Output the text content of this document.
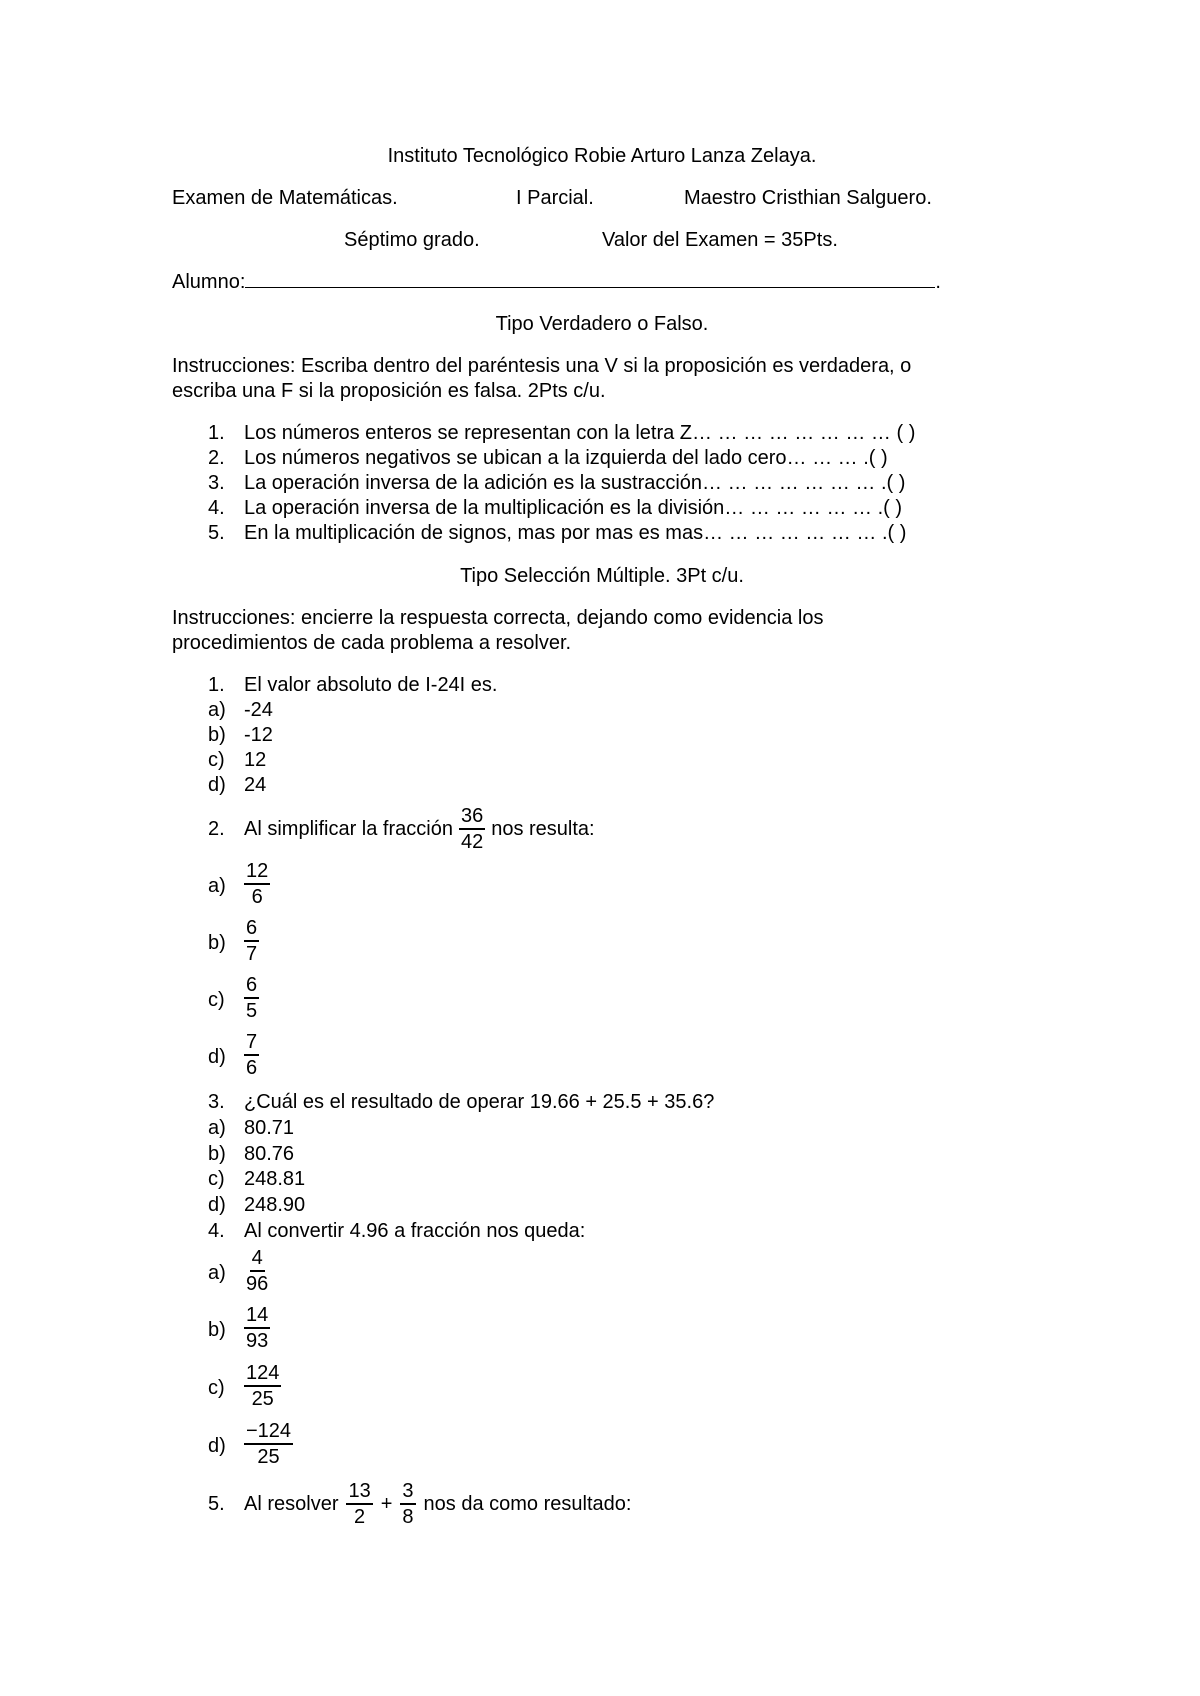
Instituto Tecnológico Robie Arturo Lanza Zelaya.
Examen de Matemáticas.	I Parcial.	Maestro Cristhian Salguero.
Séptimo grado.	Valor del Examen = 35Pts.
Alumno:	.
Tipo Verdadero o Falso.
Instrucciones: Escriba dentro del paréntesis una V si la proposición es verdadera, o
escriba una F si la proposición es falsa. 2Pts c/u.
1. Los números enteros se representan con la letra Z… … … … … … … … ( )
2. Los números negativos se ubican a la izquierda del lado cero… … … .( )
3. La operación inversa de la adición es la sustracción… … … … … … … .( )
4. La operación inversa de la multiplicación es la división… … … … … … .( )
5. En la multiplicación de signos, mas por mas es mas… … … … … … … .( )
Tipo Selección Múltiple. 3Pt c/u.
Instrucciones: encierre la respuesta correcta, dejando como evidencia los
procedimientos de cada problema a resolver.
1. El valor absoluto de I-24I es.
a) -24
b) -12
c) 12
d) 24
2. Al simplificar la fracción $\frac{36}{42}$ nos resulta:
$a) \frac{12}{6}$
$b) \frac{6}{7}$
$c) \frac{6}{5}$
$d) \frac{7}{6}$
3. ¿Cuál es el resultado de operar 19.66 + 25.5 + 35.6?
a) 80.71
b) 80.76
c) 248.81
d) 248.90
4. Al convertir 4.96 a fracción nos queda:
$a) \frac{4}{96}$
$b) \frac{14}{93}$
$c) \frac{124}{25}$
$d) \frac{-124}{25}$
5. Al resolver $\frac{13}{2} + \frac{3}{8}$ nos da como resultado:
